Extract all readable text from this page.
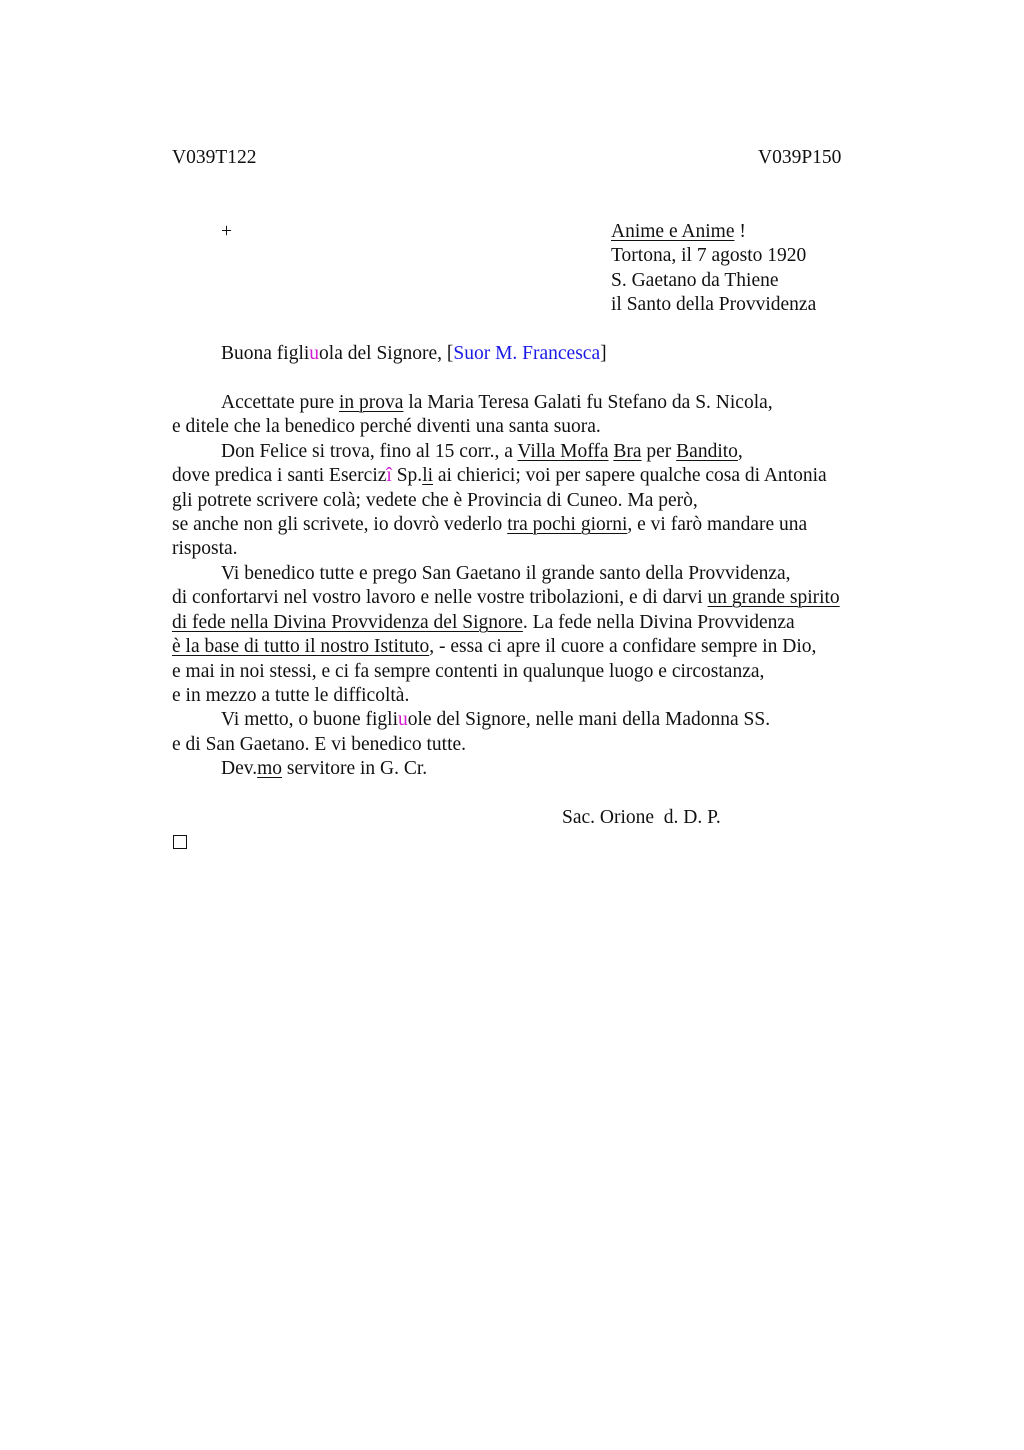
V039T122	V039P150
+	Anime e Anime !
Tortona, il 7 agosto 1920
S. Gaetano da Thiene
il Santo della Provvidenza
Buona figliuola del Signore, [Suor M. Francesca]
Accettate pure in prova la Maria Teresa Galati fu Stefano da S. Nicola,
e ditele che la benedico perché diventi una santa suora.
Don Felice si trova, fino al 15 corr., a Villa Moffa Bra per Bandito,
dove predica i santi Esercizî Sp.li ai chierici; voi per sapere qualche cosa di Antonia
gli potrete scrivere colà; vedete che è Provincia di Cuneo. Ma però,
se anche non gli scrivete, io dovrò vederlo tra pochi giorni, e vi farò mandare una
risposta.
Vi benedico tutte e prego San Gaetano il grande santo della Provvidenza,
di confortarvi nel vostro lavoro e nelle vostre tribolazioni, e di darvi un grande spirito
di fede nella Divina Provvidenza del Signore. La fede nella Divina Provvidenza
è la base di tutto il nostro Istituto, - essa ci apre il cuore a confidare sempre in Dio,
e mai in noi stessi, e ci fa sempre contenti in qualunque luogo e circostanza,
e in mezzo a tutte le difficoltà.
Vi metto, o buone figliuole del Signore, nelle mani della Madonna SS.
e di San Gaetano. E vi benedico tutte.
Dev.mo servitore in G. Cr.
Sac. Orione  d. D. P.
